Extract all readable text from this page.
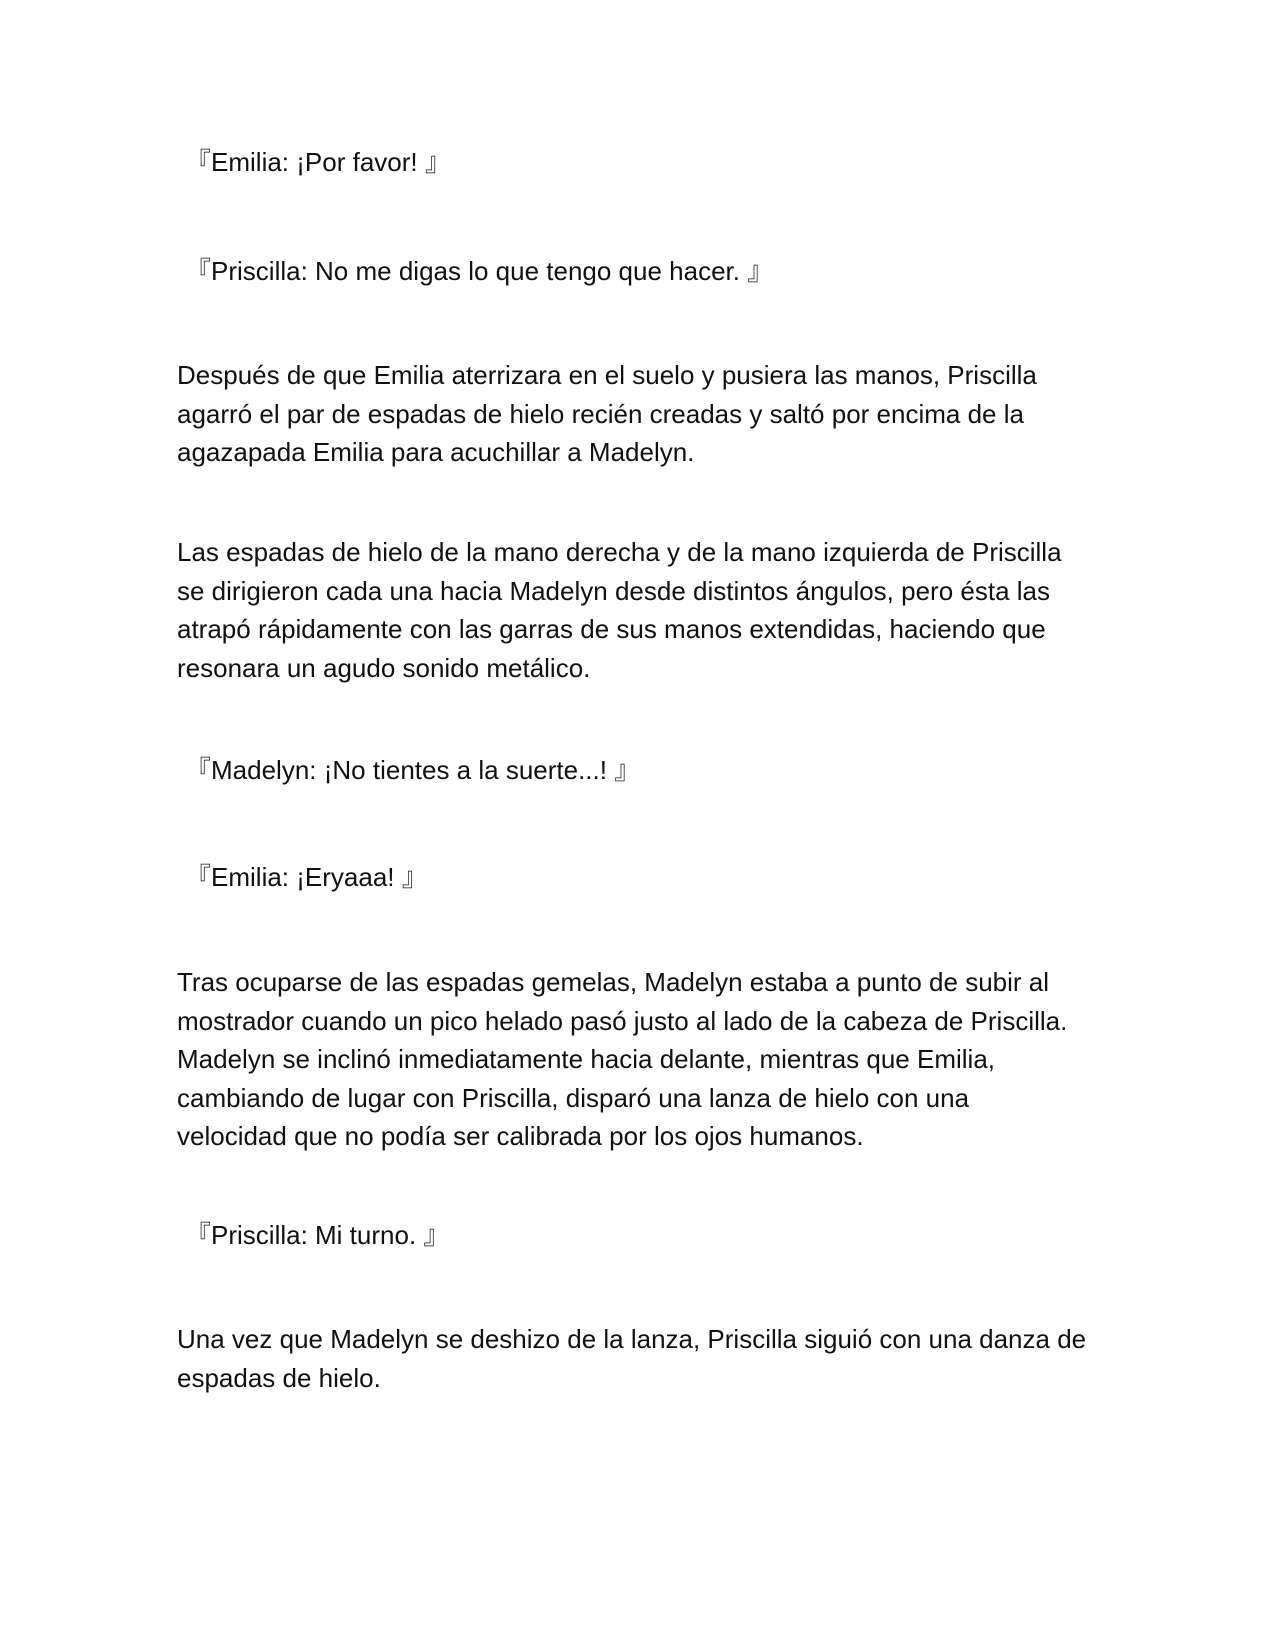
『Emilia: ¡Por favor! 』

『Priscilla: No me digas lo que tengo que hacer. 』

Después de que Emilia aterrizara en el suelo y pusiera las manos, Priscilla
agarró el par de espadas de hielo recién creadas y saltó por encima de la
agazapada Emilia para acuchillar a Madelyn.

Las espadas de hielo de la mano derecha y de la mano izquierda de Priscilla
se dirigieron cada una hacia Madelyn desde distintos ángulos, pero ésta las
atrapó rápidamente con las garras de sus manos extendidas, haciendo que
resonara un agudo sonido metálico.

『Madelyn: ¡No tientes a la suerte...! 』

『Emilia: ¡Eryaaa! 』

Tras ocuparse de las espadas gemelas, Madelyn estaba a punto de subir al
mostrador cuando un pico helado pasó justo al lado de la cabeza de Priscilla.
Madelyn se inclinó inmediatamente hacia delante, mientras que Emilia,
cambiando de lugar con Priscilla, disparó una lanza de hielo con una
velocidad que no podía ser calibrada por los ojos humanos.

『Priscilla: Mi turno. 』

Una vez que Madelyn se deshizo de la lanza, Priscilla siguió con una danza de
espadas de hielo.
